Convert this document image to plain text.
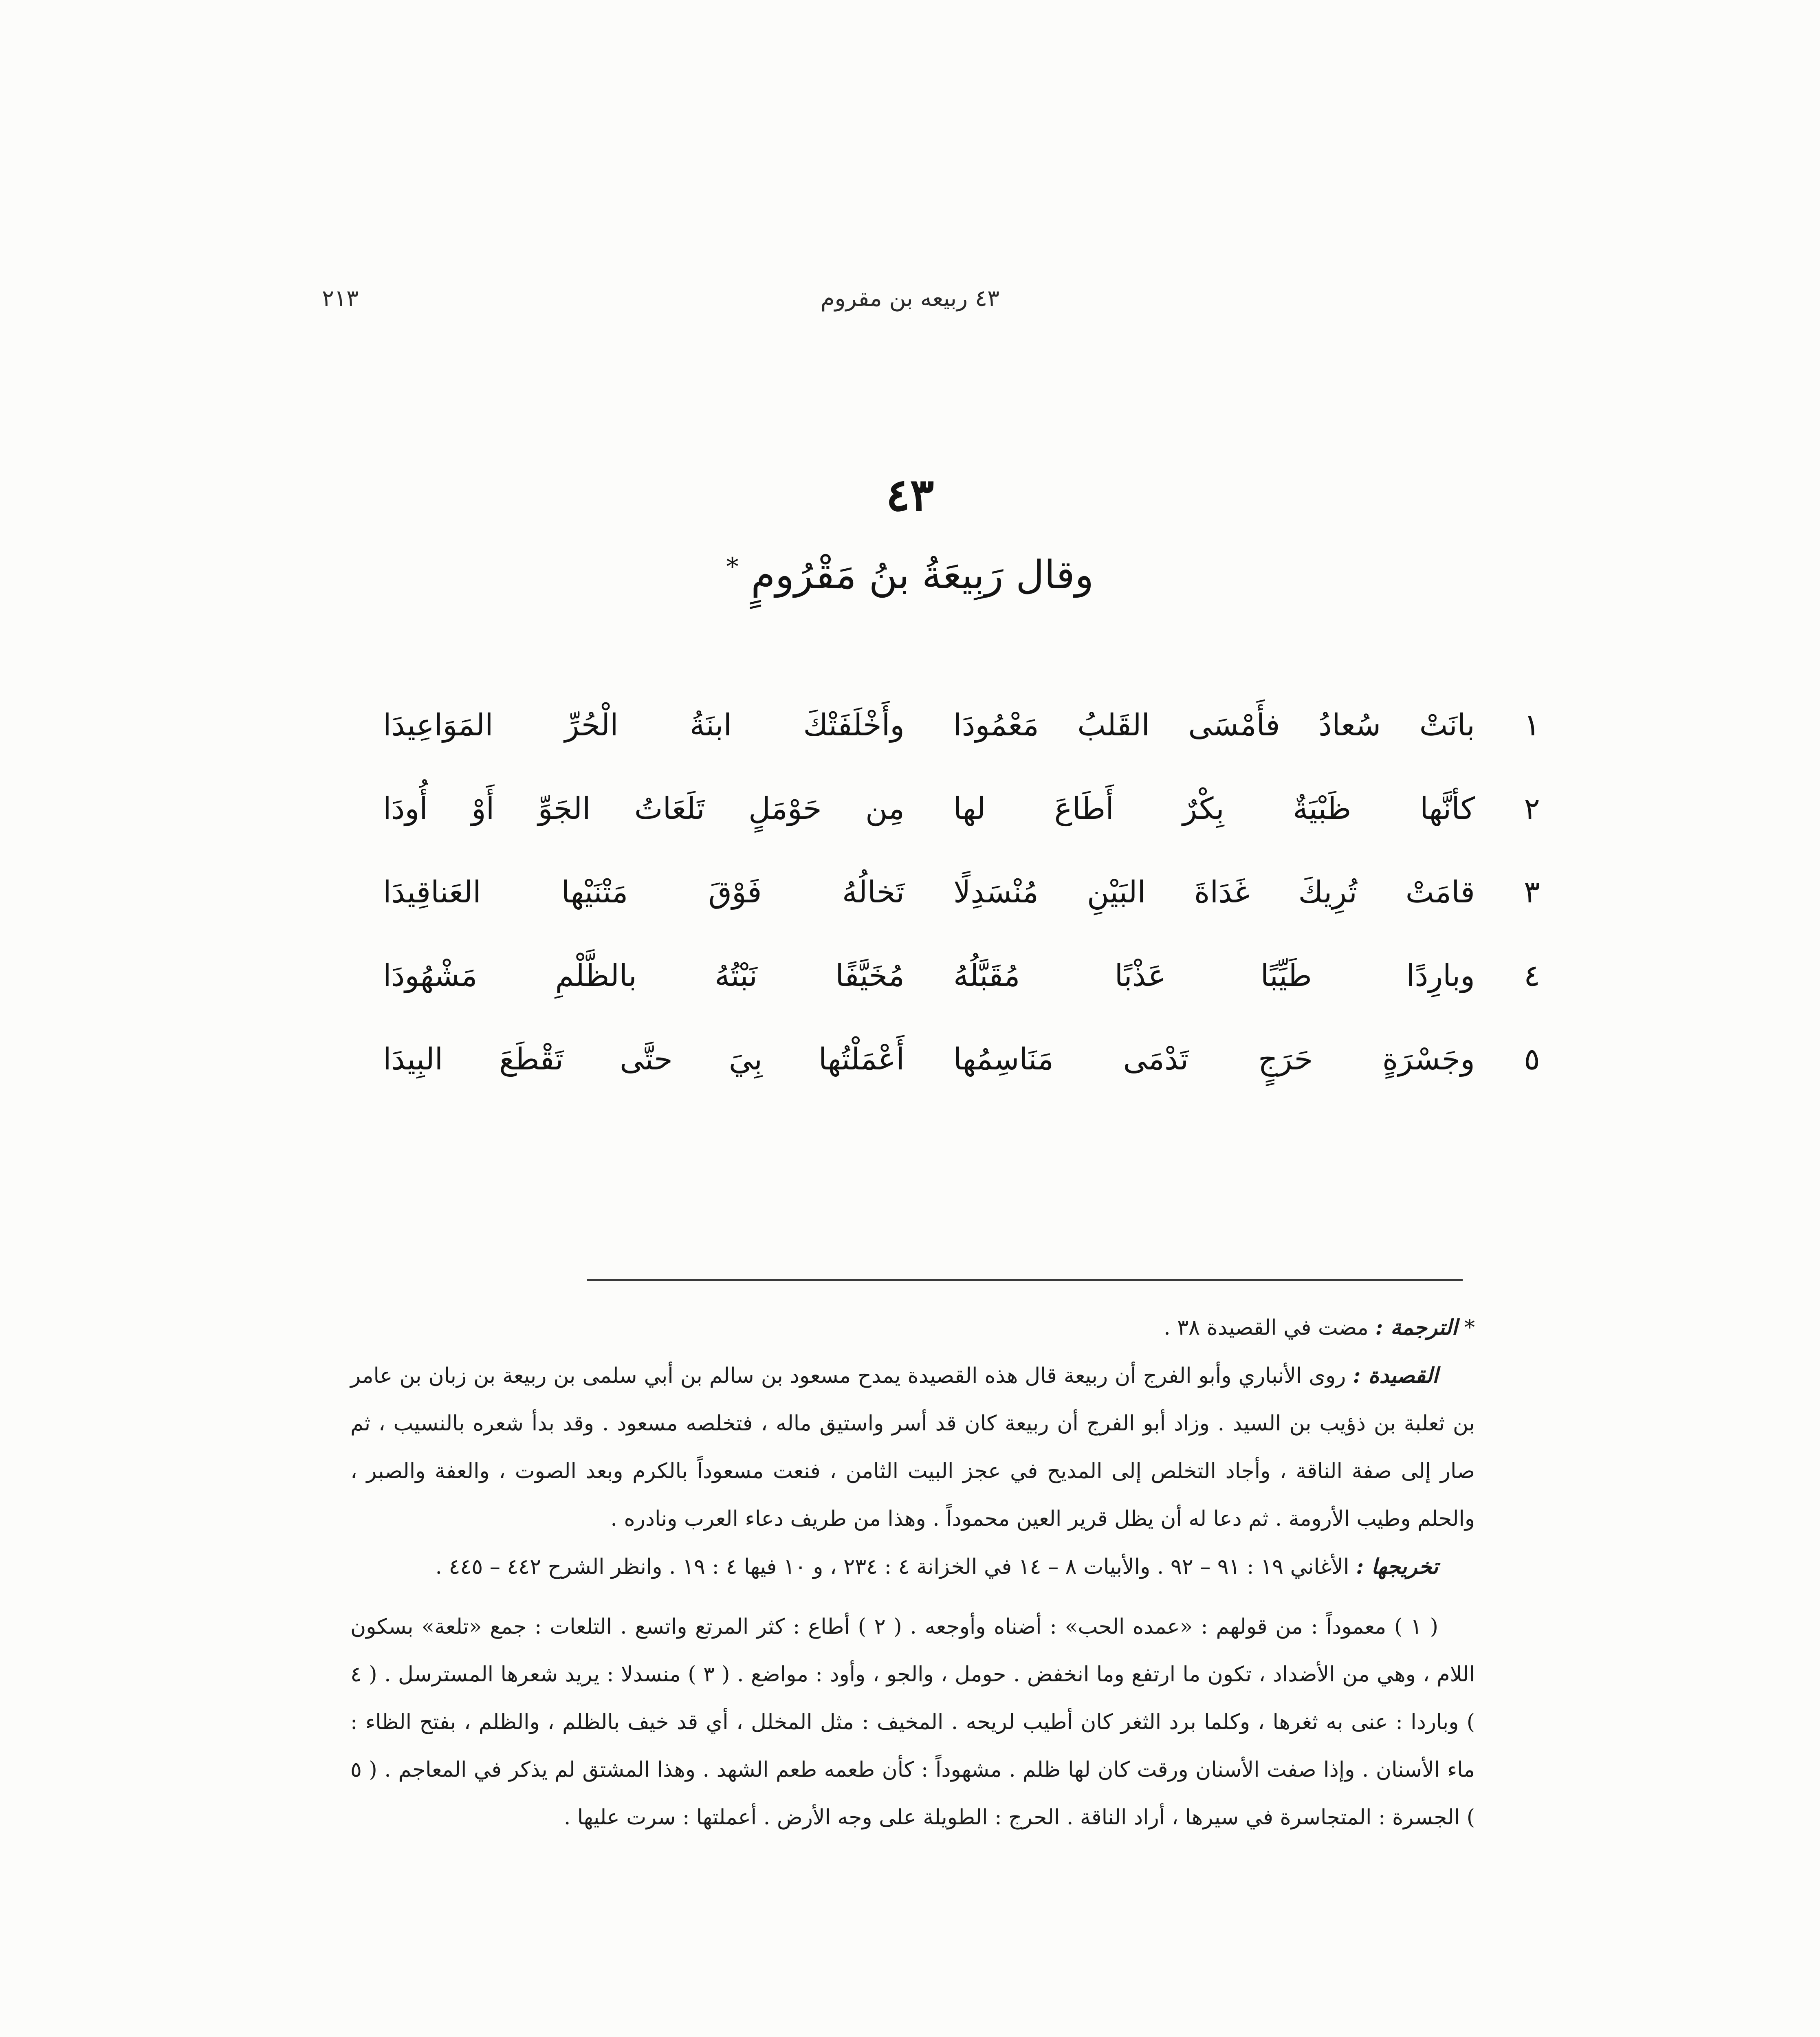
٤٣ ربيعه بن مقروم
٢١٣
٤٣
وقال رَبِيعَةُ بنُ مَقْرُومٍ *
١
بانَتْ سُعادُ فأَمْسَى القَلبُ مَعْمُودَا
وأَخْلَفَتْكَ ابنَةُ الْحُرِّ المَوَاعِيدَا
٢
كأنَّها ظَبْيَةٌ بِكْرٌ أَطَاعَ لها
مِن حَوْمَلٍ تَلَعَاتُ الجَوِّ أَوْ أُودَا
٣
قامَتْ تُرِيكَ غَدَاةَ البَيْنِ مُنْسَدِلًا
تَخالُهُ فَوْقَ مَتْنَيْها العَناقِيدَا
٤
وبارِدًا طَيِّبًا عَذْبًا مُقَبَّلُهُ
مُخَيَّفًا نَبْتُهُ بالظَّلْمِ مَشْهُودَا
٥
وجَسْرَةٍ حَرَجٍ تَدْمَى مَنَاسِمُها
أَعْمَلْتُها بِيَ حتَّى تَقْطَعَ البِيدَا

* الترجمة : مضت في القصيدة ٣٨ .

القصيدة : روى الأنباري وأبو الفرج أن ربيعة قال هذه القصيدة يمدح مسعود بن سالم بن أبي سلمى بن ربيعة بن زبان بن عامر بن ثعلبة بن ذؤيب بن السيد . وزاد أبو الفرج أن ربيعة كان قد أسر واستيق ماله ، فتخلصه مسعود . وقد بدأ شعره بالنسيب ، ثم صار إلى صفة الناقة ، وأجاد التخلص إلى المديح في عجز البيت الثامن ، فنعت مسعوداً بالكرم وبعد الصوت ، والعفة والصبر ، والحلم وطيب الأرومة . ثم دعا له أن يظل قرير العين محموداً . وهذا من طريف دعاء العرب ونادره .

تخريجها : الأغاني ١٩ : ٩١ – ٩٢ . والأبيات ٨ – ١٤ في الخزانة ٤ : ٢٣٤ ، و ١٠ فيها ٤ : ١٩ . وانظر الشرح ٤٤٢ – ٤٤٥ .

( ١ ) معموداً : من قولهم : «عمده الحب» : أضناه وأوجعه . ( ٢ ) أطاع : كثر المرتع واتسع . التلعات : جمع «تلعة» بسكون اللام ، وهي من الأضداد ، تكون ما ارتفع وما انخفض . حومل ، والجو ، وأود : مواضع . ( ٣ ) منسدلا : يريد شعرها المسترسل . ( ٤ ) وباردا : عنى به ثغرها ، وكلما برد الثغر كان أطيب لريحه . المخيف : مثل المخلل ، أي قد خيف بالظلم ، والظلم ، بفتح الظاء : ماء الأسنان . وإذا صفت الأسنان ورقت كان لها ظلم . مشهوداً : كأن طعمه طعم الشهد . وهذا المشتق لم يذكر في المعاجم . ( ٥ ) الجسرة : المتجاسرة في سيرها ، أراد الناقة . الحرج : الطويلة على وجه الأرض . أعملتها : سرت عليها .
